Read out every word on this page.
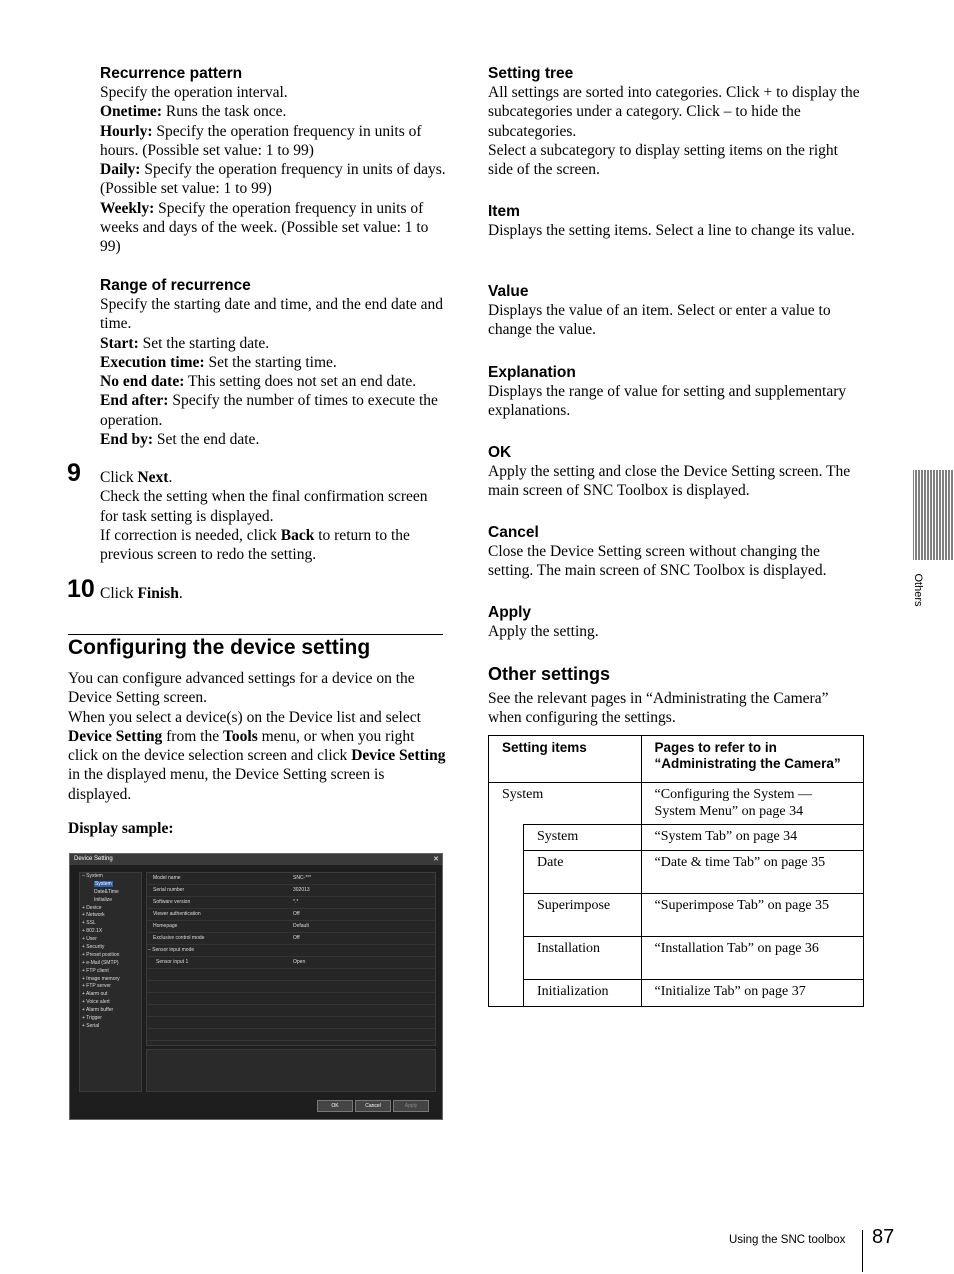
Recurrence pattern

Specify the operation interval.

Onetime: Runs the task once.

Hourly: Specify the operation frequency in units of hours. (Possible set value: 1 to 99)

Daily: Specify the operation frequency in units of days. (Possible set value: 1 to 99)

Weekly: Specify the operation frequency in units of weeks and days of the week. (Possible set value: 1 to 99)

Range of recurrence

Specify the starting date and time, and the end date and time.

Start: Set the starting date.

Execution time: Set the starting time.

No end date: This setting does not set an end date.

End after: Specify the number of times to execute the operation.

End by: Set the end date.

9 Click Next.

Check the setting when the final confirmation screen for task setting is displayed.

If correction is needed, click Back to return to the previous screen to redo the setting.

10 Click Finish.

Configuring the device setting

You can configure advanced settings for a device on the Device Setting screen.

When you select a device(s) on the Device list and select Device Setting from the Tools menu, or when you right click on the device selection screen and click Device Setting in the displayed menu, the Device Setting screen is displayed.

Display sample:
Device Setting	✕
– System
System
Date&Time
Initialize
+ Device
+ Network
+ SSL
+ 802.1X
+ User
+ Security
+ Preset position
+ e-Mail (SMTP)
+ FTP client
+ Image memory
+ FTP server
+ Alarm out
+ Voice alert
+ Alarm buffer
+ Trigger
+ Serial
Model name	SNC-***
Serial number	302013
Software version	*.*
Viewer authentication	Off
Homepage	Default
Exclusive control mode	Off
– Sensor input mode
Sensor input 1	Open
OK	Cancel	Apply
Setting tree

All settings are sorted into categories. Click + to display the subcategories under a category. Click – to hide the subcategories.

Select a subcategory to display setting items on the right side of the screen.

Item

Displays the setting items. Select a line to change its value.

Value

Displays the value of an item. Select or enter a value to change the value.

Explanation

Displays the range of value for setting and supplementary explanations.

OK

Apply the setting and close the Device Setting screen. The main screen of SNC Toolbox is displayed.

Cancel

Close the Device Setting screen without changing the setting. The main screen of SNC Toolbox is displayed.

Apply

Apply the setting.

Other settings

See the relevant pages in “Administrating the Camera” when configuring the settings.

Setting items		Pages to refer to in “Administrating the Camera”
System		“Configuring the System — System Menu” on page 34
	System	“System Tab” on page 34
	Date	“Date & time Tab” on page 35
	Superimpose	“Superimpose Tab” on page 35
	Installation	“Installation Tab” on page 36
	Initialization	“Initialize Tab” on page 37
Others
Using the SNC toolbox 87
